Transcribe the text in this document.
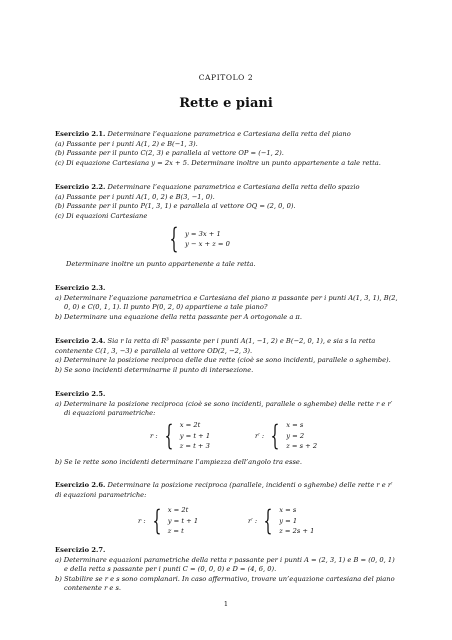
CAPITOLO 2
Rette e piani
Esercizio 2.1. Determinare l’equazione parametrica e Cartesiana della retta del piano
(a) Passante per i punti A(1, 2) e B(−1, 3).
(b) Passante per il punto C(2, 3) e parallela al vettore OP = (−1, 2).
(c) Di equazione Cartesiana y = 2x + 5. Determinare inoltre un punto appartenente a tale retta.
Esercizio 2.2. Determinare l’equazione parametrica e Cartesiana della retta dello spazio
(a) Passante per i punti A(1, 0, 2) e B(3, −1, 0).
(b) Passante per il punto P(1, 3, 1) e parallela al vettore OQ = (2, 0, 0).
(c) Di equazioni Cartesiane
{ y = 3x + 1
y − x + z = 0
Determinare inoltre un punto appartenente a tale retta.
Esercizio 2.3.
a) Determinare l’equazione parametrica e Cartesiana del piano π passante per i punti A(1, 3, 1), B(2, 0, 0) e C(0, 1, 1). Il punto P(0, 2, 0) appartiene a tale piano?
b) Determinare una equazione della retta passante per A ortogonale a π.
Esercizio 2.4. Sia r la retta di R³ passante per i punti A(1, −1, 2) e B(−2, 0, 1), e sia s la retta contenente C(1, 3, −3) e parallela al vettore OD(2, −2, 3).
a) Determinare la posizione reciproca delle due rette (cioè se sono incidenti, parallele o sghembe).
b) Se sono incidenti determinarne il punto di intersezione.
Esercizio 2.5.
a) Determinare la posizione reciproca (cioè se sono incidenti, parallele o sghembe) delle rette r e r′ di equazioni parametriche:
r : { x = 2t
y = t + 1
z = t + 3
r′ : { x = s
y = 2
z = s + 2
b) Se le rette sono incidenti determinare l’ampiezza dell’angolo tra esse.
Esercizio 2.6. Determinare la posizione reciproca (parallele, incidenti o sghembe) delle rette r e r′ di equazioni parametriche:
r : { x = 2t
y = t + 1
z = t
r′ : { x = s
y = 1
z = 2s + 1
Esercizio 2.7.
a) Determinare equazioni parametriche della retta r passante per i punti A = (2, 3, 1) e B = (0, 0, 1) e della retta s passante per i punti C = (0, 0, 0) e D = (4, 6, 0).
b) Stabilire se r e s sono complanari. In caso affermativo, trovare un’equazione cartesiana del piano contenente r e s.
1
